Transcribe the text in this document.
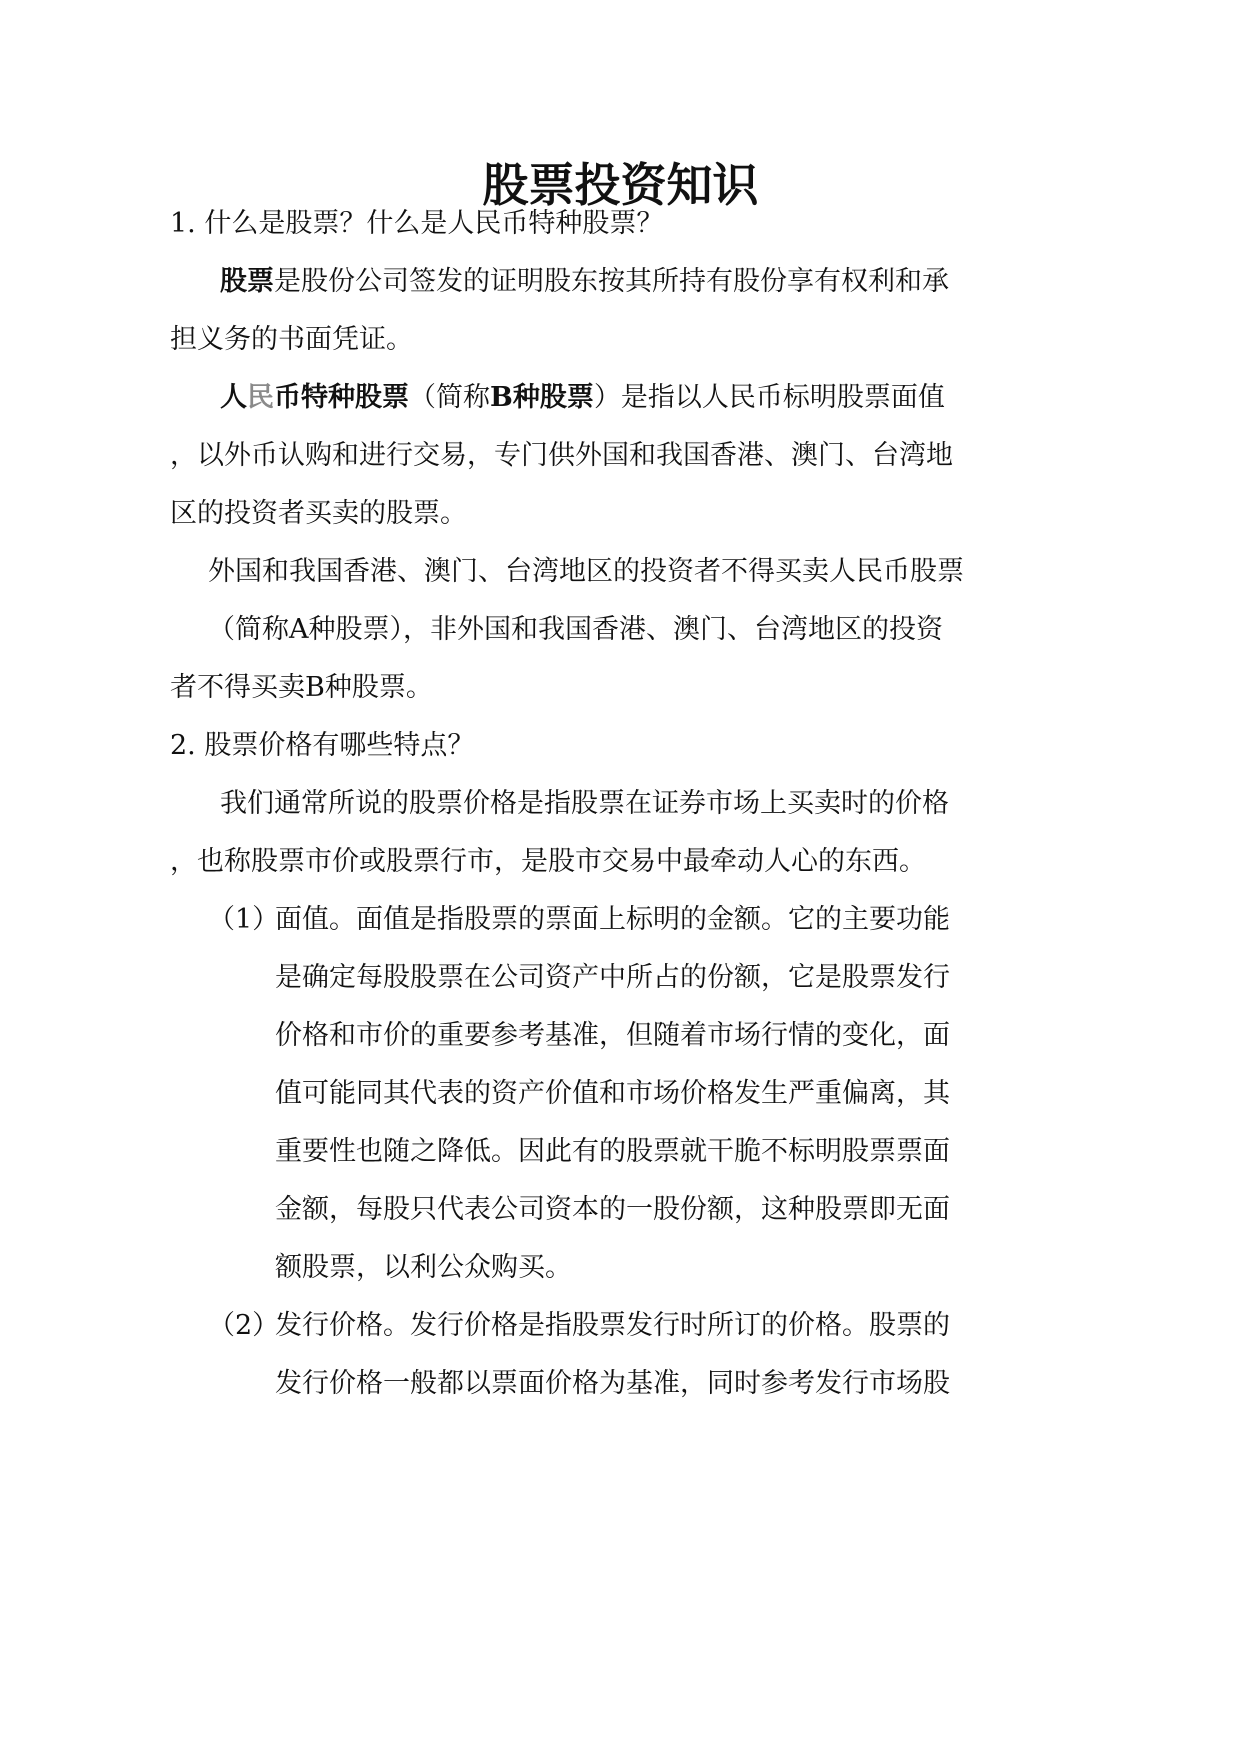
股票投资知识

1. 什么是股票？什么是人民币特种股票？

股票是股份公司签发的证明股东按其所持有股份享有权利和承

担义务的书面凭证。

人民币特种股票（简称B种股票）是指以人民币标明股票面值

，以外币认购和进行交易，专门供外国和我国香港、澳门、台湾地

区的投资者买卖的股票。

外国和我国香港、澳门、台湾地区的投资者不得买卖人民币股票

（简称A种股票），非外国和我国香港、澳门、台湾地区的投资

者不得买卖B种股票。

2. 股票价格有哪些特点？

我们通常所说的股票价格是指股票在证券市场上买卖时的价格

，也称股票市价或股票行市，是股市交易中最牵动人心的东西。

（1）

面值。面值是指股票的票面上标明的金额。它的主要功能

是确定每股股票在公司资产中所占的份额，它是股票发行

价格和市价的重要参考基准，但随着市场行情的变化，面

值可能同其代表的资产价值和市场价格发生严重偏离，其

重要性也随之降低。因此有的股票就干脆不标明股票票面

金额，每股只代表公司资本的一股份额，这种股票即无面

额股票，以利公众购买。

（2）

发行价格。发行价格是指股票发行时所订的价格。股票的

发行价格一般都以票面价格为基准，同时参考发行市场股
